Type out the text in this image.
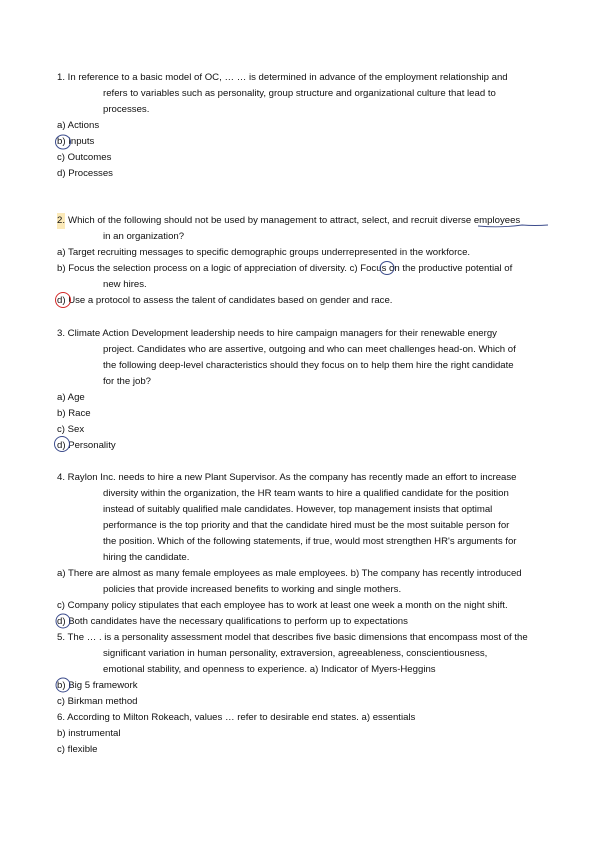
1. In reference to a basic model of OC, … … is determined in advance of the employment relationship and
refers to variables such as personality, group structure and organizational culture that lead to
processes.
a) Actions
b) Inputs
c) Outcomes
d) Processes
2. Which of the following should not be used by management to attract, select, and recruit diverse employees
in an organization?
a) Target recruiting messages to specific demographic groups underrepresented in the workforce.
b) Focus the selection process on a logic of appreciation of diversity. c) Focus on the productive potential of
new hires.
d) Use a protocol to assess the talent of candidates based on gender and race.
3. Climate Action Development leadership needs to hire campaign managers for their renewable energy
project. Candidates who are assertive, outgoing and who can meet challenges head-on. Which of
the following deep-level characteristics should they focus on to help them hire the right candidate
for the job?
a) Age
b) Race
c) Sex
d) Personality
4. Raylon Inc. needs to hire a new Plant Supervisor. As the company has recently made an effort to increase
diversity within the organization, the HR team wants to hire a qualified candidate for the position
instead of suitably qualified male candidates. However, top management insists that optimal
performance is the top priority and that the candidate hired must be the most suitable person for
the position. Which of the following statements, if true, would most strengthen HR's arguments for
hiring the candidate.
a) There are almost as many female employees as male employees. b) The company has recently introduced
policies that provide increased benefits to working and single mothers.
c) Company policy stipulates that each employee has to work at least one week a month on the night shift.
d) Both candidates have the necessary qualifications to perform up to expectations
5. The … . is a personality assessment model that describes five basic dimensions that encompass most of the
significant variation in human personality, extraversion, agreeableness, conscientiousness,
emotional stability, and openness to experience. a) Indicator of Myers-Heggins
b) Big 5 framework
c) Birkman method
6. According to Milton Rokeach, values … refer to desirable end states. a) essentials
b) instrumental
c) flexible
